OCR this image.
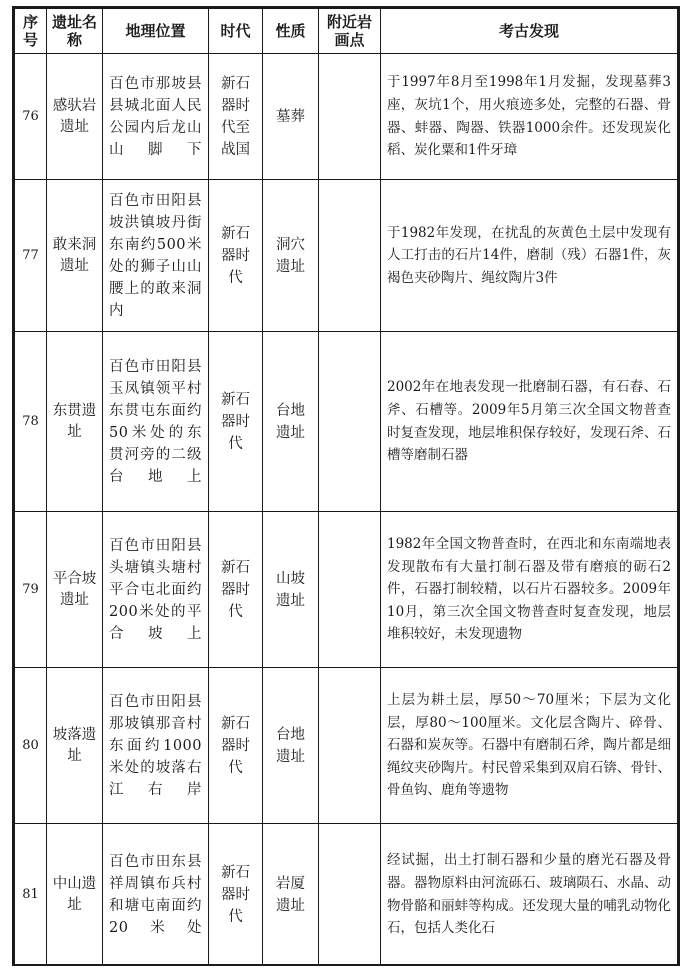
序号	遗址名称	地理位置	时代	性质	附近岩画点	考古发现
76	感驮岩遗址	百色市那坡县县城北面人民公园内后龙山山脚下	新石器时代至战国	墓葬		于1997年8月至1998年1月发掘，发现墓葬3座，灰坑1个，用火痕迹多处，完整的石器、骨器、蚌器、陶器、铁器1000余件。还发现炭化稻、炭化粟和1件牙璋
77	敢来洞遗址	百色市田阳县坡洪镇坡丹街东南约500米处的狮子山山腰上的敢来洞内	新石器时代	洞穴遗址		于1982年发现，在扰乱的灰黄色土层中发现有人工打击的石片14件，磨制（残）石器1件，灰褐色夹砂陶片、绳纹陶片3件
78	东贯遗址	百色市田阳县玉凤镇领平村东贯屯东面约50米处的东贯河旁的二级台地上	新石器时代	台地遗址		2002年在地表发现一批磨制石器，有石舂、石斧、石槽等。2009年5月第三次全国文物普查时复查发现，地层堆积保存较好，发现石斧、石槽等磨制石器
79	平合坡遗址	百色市田阳县头塘镇头塘村平合屯北面约200米处的平合坡上	新石器时代	山坡遗址		1982年全国文物普查时，在西北和东南端地表发现散布有大量打制石器及带有磨痕的砺石2件，石器打制较精，以石片石器较多。2009年10月，第三次全国文物普查时复查发现，地层堆积较好，未发现遗物
80	坡落遗址	百色市田阳县那坡镇那音村东面约1000米处的坡落右江右岸	新石器时代	台地遗址		上层为耕土层，厚50～70厘米；下层为文化层，厚80～100厘米。文化层含陶片、碎骨、石器和炭灰等。石器中有磨制石斧，陶片都是细绳纹夹砂陶片。村民曾采集到双肩石锛、骨针、骨鱼钩、鹿角等遗物
81	中山遗址	百色市田东县祥周镇布兵村和塘屯南面约20米处	新石器时代	岩厦遗址		经试掘，出土打制石器和少量的磨光石器及骨器。器物原料由河流砾石、玻璃陨石、水晶、动物骨骼和丽蚌等构成。还发现大量的哺乳动物化石，包括人类化石
